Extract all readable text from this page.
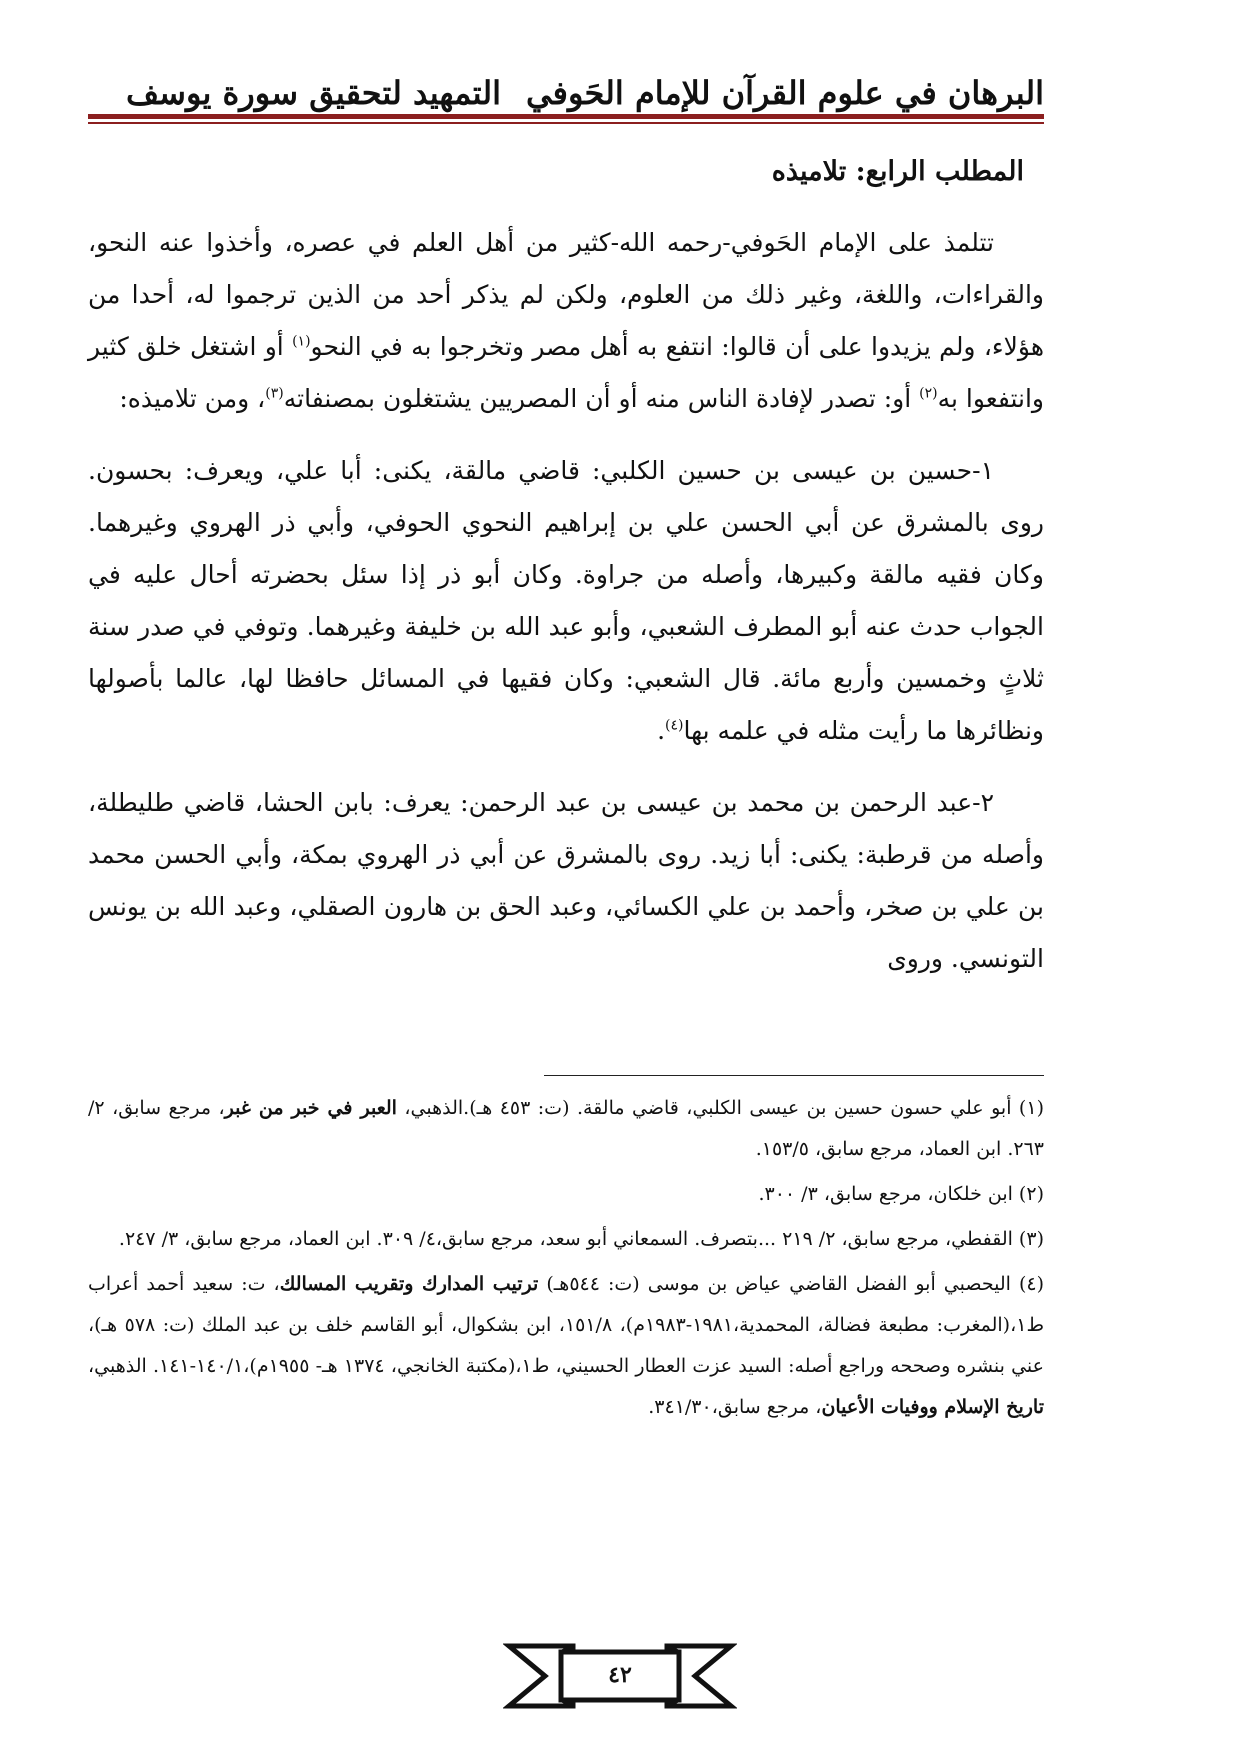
البرهان في علوم القرآن للإمام الحَوفي
التمهيد لتحقيق سورة يوسف
المطلب الرابع: تلاميذه

  تتلمذ على الإمام الحَوفي-رحمه الله-كثير من أهل العلم في عصره، وأخذوا عنه النحو، والقراءات، واللغة، وغير ذلك من العلوم، ولكن لم يذكر أحد من الذين ترجموا له، أحدا من هؤلاء، ولم يزيدوا على أن قالوا: انتفع به أهل مصر وتخرجوا به في النحو$^{(١)}$ أو اشتغل خلق كثير وانتفعوا به$^{(٢)}$ أو: تصدر لإفادة الناس منه أو أن المصريين يشتغلون بمصنفاته$^{(٣)}$، ومن تلاميذه:

  ١-حسين بن عيسى بن حسين الكلبي: قاضي مالقة، يكنى: أبا علي، ويعرف: بحسون. روى بالمشرق عن أبي الحسن علي بن إبراهيم النحوي الحوفي، وأبي ذر الهروي وغيرهما. وكان فقيه مالقة وكبيرها، وأصله من جراوة. وكان أبو ذر إذا سئل بحضرته أحال عليه في الجواب حدث عنه أبو المطرف الشعبي، وأبو عبد الله بن خليفة وغيرهما. وتوفي في صدر سنة ثلاثٍ وخمسين وأربع مائة. قال الشعبي: وكان فقيها في المسائل حافظا لها، عالما بأصولها ونظائرها ما رأيت مثله في علمه بها$^{(٤)}$.

  ٢-عبد الرحمن بن محمد بن عيسى بن عبد الرحمن: يعرف: بابن الحشا، قاضي طليطلة، وأصله من قرطبة: يكنى: أبا زيد. روى بالمشرق عن أبي ذر الهروي بمكة، وأبي الحسن محمد بن علي بن صخر، وأحمد بن علي الكسائي، وعبد الحق بن هارون الصقلي، وعبد الله بن يونس التونسي. وروى

(١) أبو علي حسون حسين بن عيسى الكلبي، قاضي مالقة. (ت: ٤٥٣ هـ).الذهبي، العبر في خبر من غبر، مرجع سابق، ٢/ ٢٦٣. ابن العماد، مرجع سابق، ١٥٣/٥.

(٢) ابن خلكان، مرجع سابق، ٣/ ٣٠٠.

(٣) القفطي، مرجع سابق، ٢/ ٢١٩ ...بتصرف. السمعاني أبو سعد، مرجع سابق،٤/ ٣٠٩. ابن العماد، مرجع سابق، ٣/ ٢٤٧.

(٤) اليحصبي أبو الفضل القاضي عياض بن موسى (ت: ٥٤٤هـ) ترتيب المدارك وتقريب المسالك، ت: سعيد أحمد أعراب ط١،(المغرب: مطبعة فضالة، المحمدية،١٩٨١-١٩٨٣م)، ١٥١/٨، ابن بشكوال، أبو القاسم خلف بن عبد الملك (ت: ٥٧٨ هـ)، عني بنشره وصححه وراجع أصله: السيد عزت العطار الحسيني، ط١،(مكتبة الخانجي، ١٣٧٤ هـ- ١٩٥٥م)،١٤٠/١-١٤١. الذهبي، تاريخ الإسلام ووفيات الأعيان، مرجع سابق،٣٤١/٣٠.

٤٢
